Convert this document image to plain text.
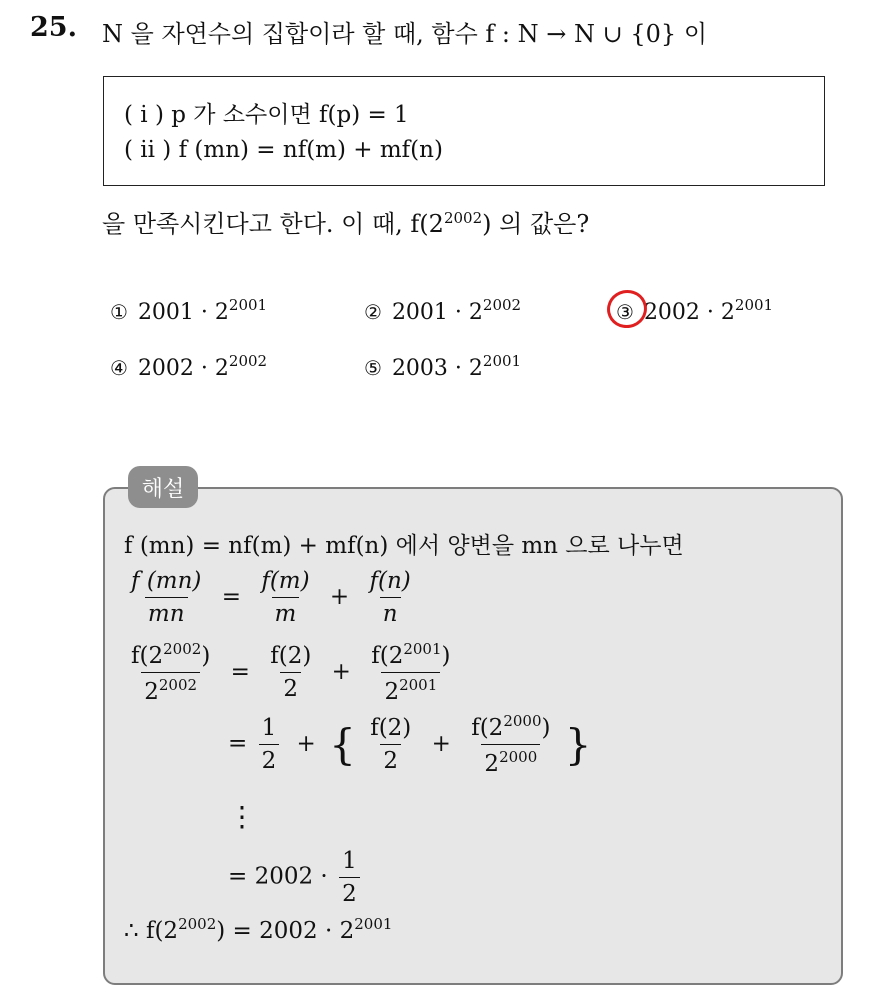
25. N 을 자연수의 집합이라 할 때, 함수 f : N → N ∪ {0} 이
( i ) p 가 소수이면 f(p) = 1
( ii ) f (mn) = nf(m) + mf(n)
을 만족시킨다고 한다. 이 때, $f(2^{2002})$ 의 값은?
① $2001 \cdot 2^{2001}$	② $2001 \cdot 2^{2002}$	③ $2002 \cdot 2^{2001}$
④ $2002 \cdot 2^{2002}$	⑤ $2003 \cdot 2^{2001}$
해설
f (mn) = nf(m) + mf(n) 에서 양변을 mn 으로 나누면
$\frac{f (mn)}{mn} = \frac{f(m)}{m} + \frac{f(n)}{n}$
$\frac{f(2^{2002})}{2^{2002}} = \frac{f(2)}{2} + \frac{f(2^{2001})}{2^{2001}}$
= $\frac{1}{2}$ + { $\frac{f(2)}{2} + \frac{f(2^{2000})}{2^{2000}}$ }
⋮
= $2002 \cdot \frac{1}{2}$
∴ $f(2^{2002}) = 2002 \cdot 2^{2001}$
